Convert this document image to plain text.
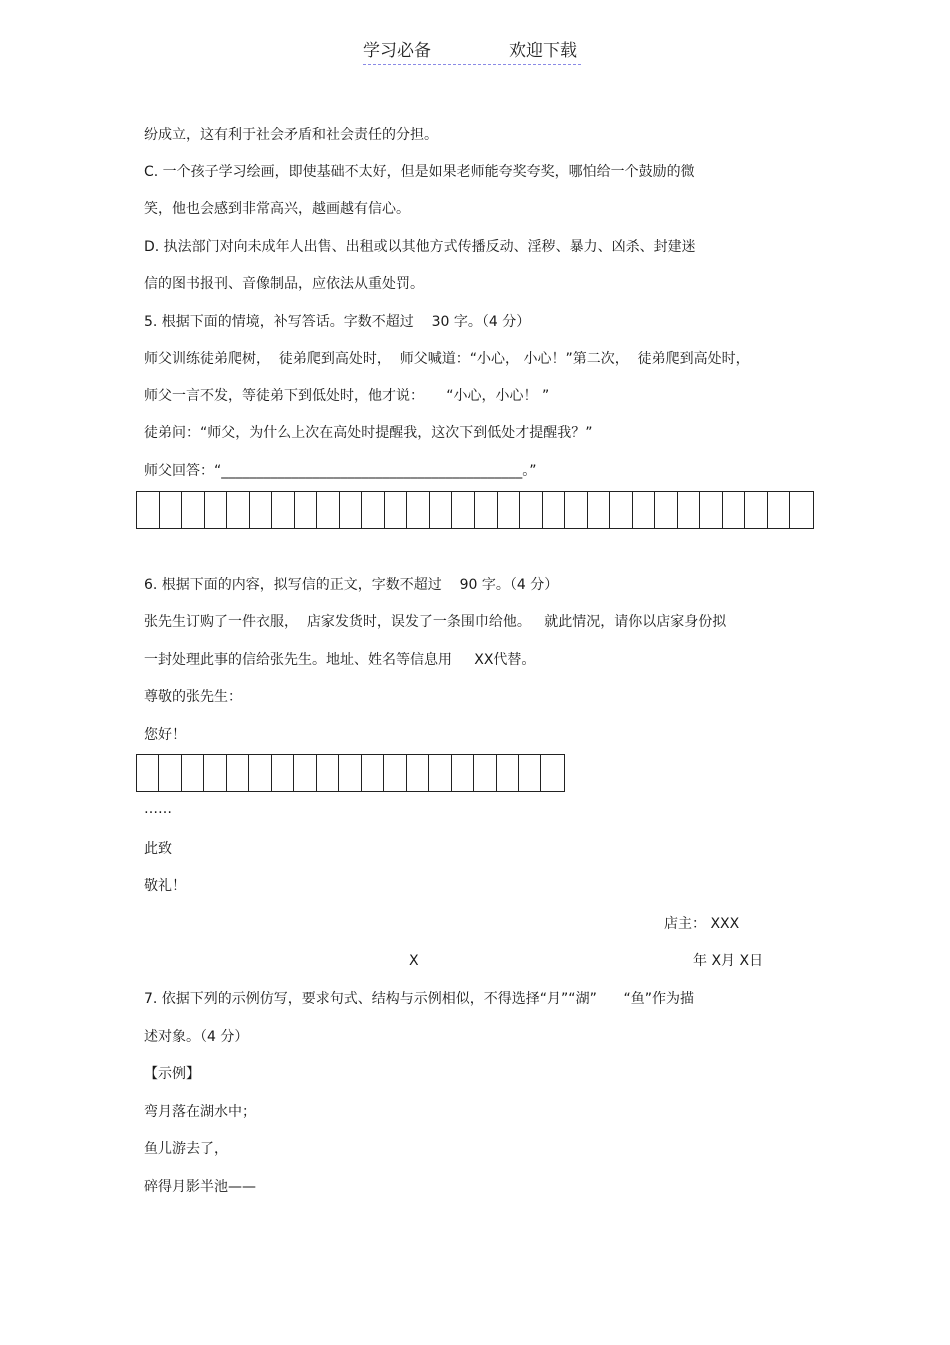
学习必备	欢迎下载
纷成立，这有利于社会矛盾和社会责任的分担。
C. 一个孩子学习绘画，即使基础不太好，但是如果老师能夸奖夸奖，哪怕给一个鼓励的微
笑，他也会感到非常高兴，越画越有信心。
D. 执法部门对向未成年人出售、出租或以其他方式传播反动、淫秽、暴力、凶杀、封建迷
信的图书报刊、音像制品，应依法从重处罚。
5. 根据下面的情境，补写答话。字数不超过    30 字。（4 分）
师父训练徒弟爬树，  徒弟爬到高处时，  师父喊道：“小心， 小心！”第二次，  徒弟爬到高处时，
师父一言不发，等徒弟下到低处时，他才说：     “小心，小心！ ”
徒弟问：“师父，为什么上次在高处时提醒我，这次下到低处才提醒我？”
师父回答：“___________________________________________。”
6. 根据下面的内容，拟写信的正文，字数不超过    90 字。（4 分）
张先生订购了一件衣服，  店家发货时，误发了一条围巾给他。   就此情况，请你以店家身份拟
一封处理此事的信给张先生。地址、姓名等信息用     XX代替。
尊敬的张先生：
您好！
……
此致
敬礼！
店主： XXX
X	年 X月 X日
7. 依据下列的示例仿写，要求句式、结构与示例相似，不得选择“月”“湖”      “鱼”作为描
述对象。（4 分）
【示例】
弯月落在湖水中；
鱼儿游去了，
碎得月影半池——
